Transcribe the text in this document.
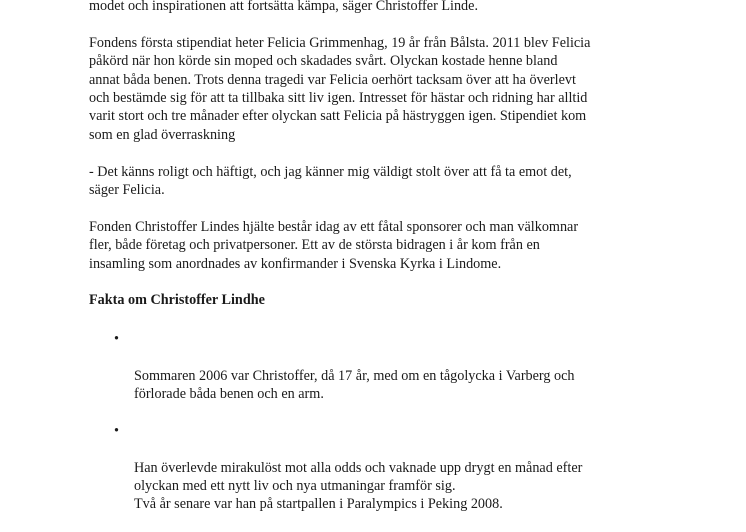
modet och inspirationen att fortsätta kämpa, säger Christoffer Linde.

Fondens första stipendiat heter Felicia Grimmenhag, 19 år från Bålsta. 2011 blev Felicia
påkörd när hon körde sin moped och skadades svårt. Olyckan kostade henne bland
annat båda benen. Trots denna tragedi var Felicia oerhört tacksam över att ha överlevt
och bestämde sig för att ta tillbaka sitt liv igen. Intresset för hästar och ridning har alltid
varit stort och tre månader efter olyckan satt Felicia på hästryggen igen. Stipendiet kom
som en glad överraskning

- Det känns roligt och häftigt, och jag känner mig väldigt stolt över att få ta emot det,
säger Felicia.

Fonden Christoffer Lindes hjälte består idag av ett fåtal sponsorer och man välkomnar
fler, både företag och privatpersoner. Ett av de största bidragen i år kom från en
insamling som anordnades av konfirmander i Svenska Kyrka i Lindome.

Fakta om Christoffer Lindhe

•

Sommaren 2006 var Christoffer, då 17 år, med om en tågolycka i Varberg och
förlorade båda benen och en arm.

•

Han överlevde mirakulöst mot alla odds och vaknade upp drygt en månad efter
olyckan med ett nytt liv och nya utmaningar framför sig.
Två år senare var han på startpallen i Paralympics i Peking 2008.
